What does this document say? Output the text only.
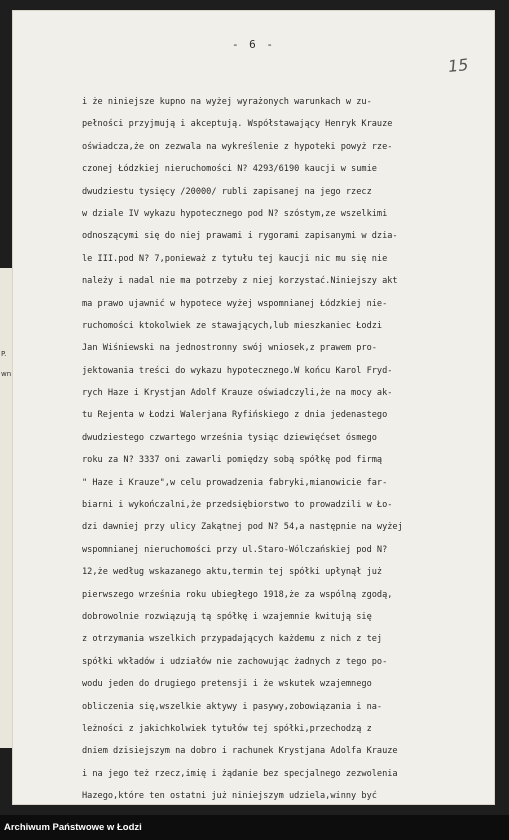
P.
wn
- 6 -
15
i że niniejsze kupno na wyżej wyrażonych warunkach w zu-
pełności przyjmują i akceptują. Współstawający Henryk Krauze
oświadcza,że on zezwala na wykreślenie z hypoteki powyż rze-
czonej Łódzkiej nieruchomości N? 4293/6190 kaucji w sumie
dwudziestu tysięcy /20000/ rubli zapisanej na jego rzecz
w dziale IV wykazu hypotecznego pod N? szóstym,ze wszelkimi
odnoszącymi się do niej prawami i rygorami zapisanymi w dzia-
le III.pod N? 7,ponieważ z tytułu tej kaucji nic mu się nie
należy i nadal nie ma potrzeby z niej korzystać.Niniejszy akt
ma prawo ujawnić w hypotece wyżej wspomnianej Łódzkiej nie-
ruchomości ktokolwiek ze stawających,lub mieszkaniec Łodzi
Jan Wiśniewski na jednostronny swój wniosek,z prawem pro-
jektowania treści do wykazu hypotecznego.W końcu Karol Fryd-
rych Haze i Krystjan Adolf Krauze oświadczyli,że na mocy ak-
tu Rejenta w Łodzi Walerjana Ryfińskiego z dnia jedenastego
dwudziestego czwartego września tysiąc dziewięćset ósmego
roku za N? 3337 oni zawarli pomiędzy sobą spółkę pod firmą
" Haze i Krauze",w celu prowadzenia fabryki,mianowicie far-
biarni i wykończalni,że przedsiębiorstwo to prowadzili w Ło-
dzi dawniej przy ulicy Zakątnej pod N? 54,a następnie na wyżej
wspomnianej nieruchomości przy ul.Staro-Wólczańskiej pod N?
12,że według wskazanego aktu,termin tej spółki upłynął już
pierwszego września roku ubiegłego 1918,że za wspólną zgodą,
dobrowolnie rozwiązują tą spółkę i wzajemnie kwitują się
z otrzymania wszelkich przypadających każdemu z nich z tej
spółki wkładów i udziałów nie zachowując żadnych z tego po-
wodu jeden do drugiego pretensji i że wskutek wzajemnego
obliczenia się,wszelkie aktywy i pasywy,zobowiązania i na-
leżności z jakichkolwiek tytułów tej spółki,przechodzą z
dniem dzisiejszym na dobro i rachunek Krystjana Adolfa Krauze
i na jego też rzecz,imię i żądanie bez specjalnego zezwolenia
Hazego,które ten ostatni już niniejszym udziela,winny być
Archiwum Państwowe w Łodzi
